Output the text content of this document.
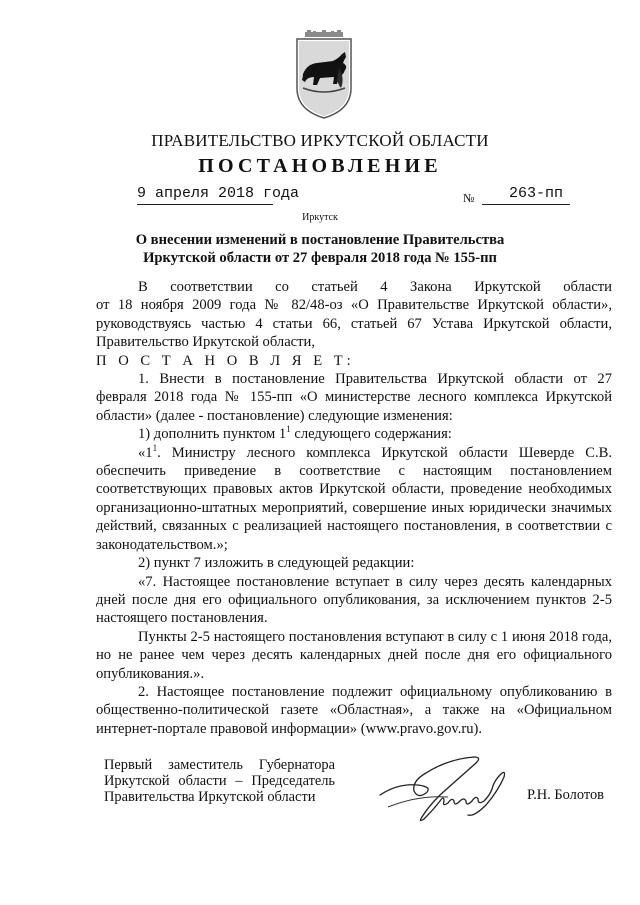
ПРАВИТЕЛЬСТВО ИРКУТСКОЙ ОБЛАСТИ
ПОСТАНОВЛЕНИЕ
9 апреля 2018 года	№ 263-пп
Иркутск
О внесении изменений в постановление Правительства
Иркутской области от 27 февраля 2018 года № 155-пп

В соответствии со статьей 4 Закона Иркутской области

от 18 ноября 2009 года № 82/48-оз «О Правительстве Иркутской области»,

руководствуясь частью 4 статьи 66, статьей 67 Устава Иркутской области,

Правительство Иркутской области,

П О С Т А Н О В Л Я Е Т:

1. Внести в постановление Правительства Иркутской области от 27 февраля 2018 года № 155-пп «О министерстве лесного комплекса Иркутской области» (далее - постановление) следующие изменения:

1) дополнить пунктом $1^1$ следующего содержания:

«$1^1$. Министру лесного комплекса Иркутской области Шеверде С.В. обеспечить приведение в соответствие с настоящим постановлением соответствующих правовых актов Иркутской области, проведение необходимых организационно-штатных мероприятий, совершение иных юридически значимых действий, связанных с реализацией настоящего постановления, в соответствии с законодательством.»;

2) пункт 7 изложить в следующей редакции:

«7. Настоящее постановление вступает в силу через десять календарных дней после дня его официального опубликования, за исключением пунктов 2-5 настоящего постановления.

Пункты 2-5 настоящего постановления вступают в силу с 1 июня 2018 года, но не ранее чем через десять календарных дней после дня его официального опубликования.».

2. Настоящее постановление подлежит официальному опубликованию в общественно-политической газете «Областная», а также на «Официальном интернет-портале правовой информации» (www.pravo.gov.ru).

Первый заместитель Губернатора
Иркутской области – Председатель
Правительства Иркутской области	Р.Н. Болотов
